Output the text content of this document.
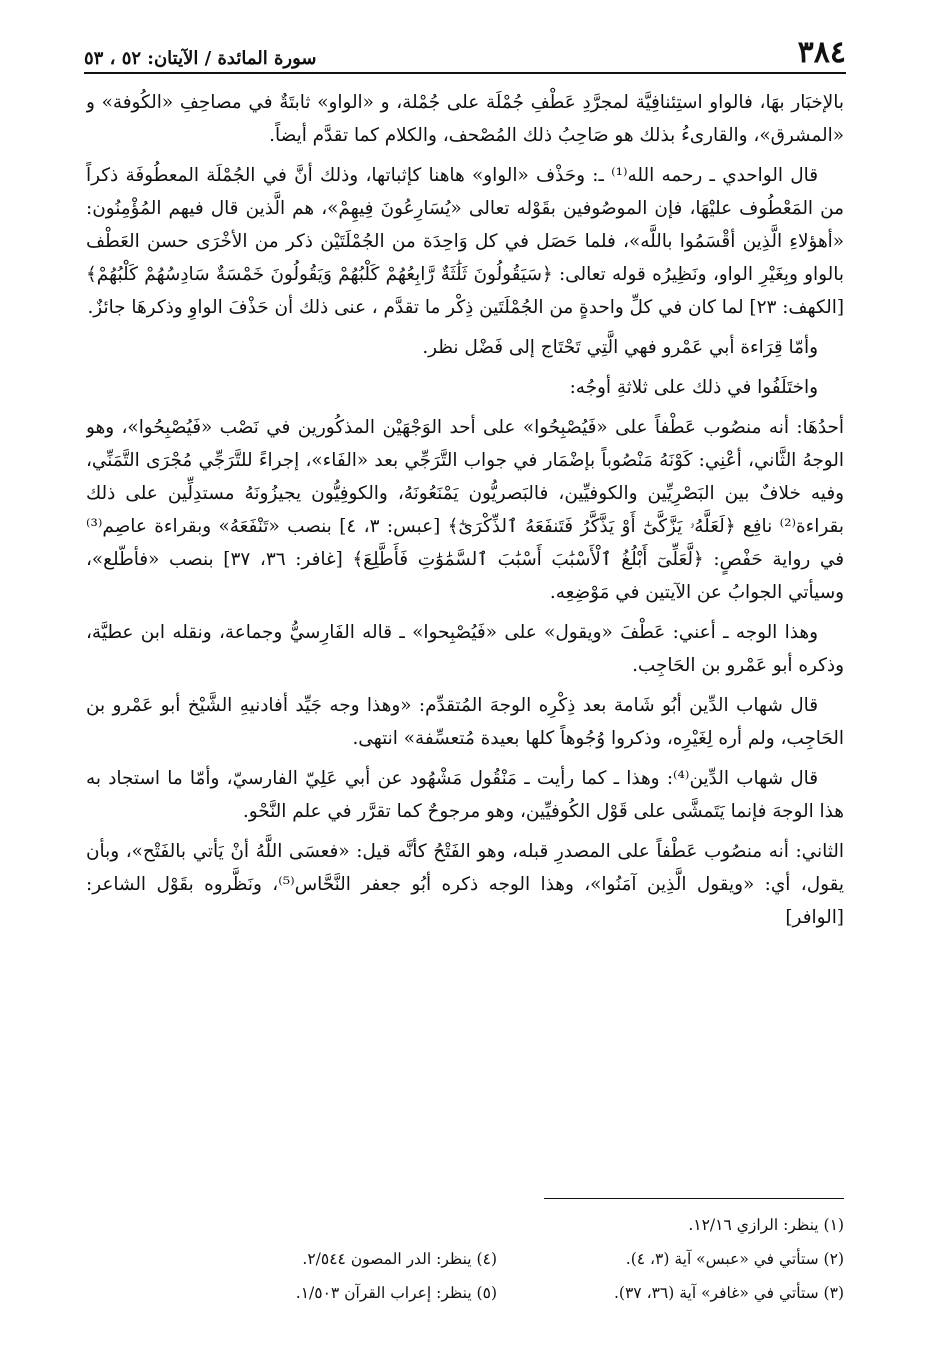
٣٨٤
سورة المائدة / الآيتان: ٥٢ ، ٥٣

بالإخبَار بهَا، فالواو استِئنافِيَّة لمجرَّدِ عَطْفِ جُمْلَة على جُمْلة، و «الواو» ثابتَةٌ في مصاحِفِ «الكُوفة» و «المشرق»، والقارىءُ بذلك هو صَاحِبُ ذلك المُصْحف، والكلام كما تقدَّم أيضاً.

قال الواحدي ـ رحمه الله⁽¹⁾ ـ: وحَذْف «الواو» هاهنا كإثباتها، وذلك أنَّ في الجُمْلَة المعطُوفَة ذكراً من المَعْطُوف عليْهَا، فإن الموصُوفين بقَوْله تعالى «يُسَارِعُونَ فِيهِمْ»، هم الَّذين قال فيهم المُؤْمِنُون: «أهؤلاءِ الَّذِين أقْسَمُوا باللَّه»، فلما حَصَل في كل وَاحِدَة من الجُمْلَتَيْن ذكر من الأخْرَى حسن العَطْف بالواو وبِغَيْرِ الواو، ونَظِيرُه قوله تعالى: ﴿سَيَقُولُونَ ثَلَٰثَةٌ رَّابِعُهُمْ كَلْبُهُمْ وَيَقُولُونَ خَمْسَةٌ سَادِسُهُمْ كَلْبُهُمْ﴾ [الكهف: ٢٣] لما كان في كلِّ واحدةٍ من الجُمْلَتَين ذِكْر ما تقدَّم ، عنى ذلك أن حَذْفَ الواوِ وذكرهَا جائزٌ.

وأمّا قِرَاءة أبي عَمْرو فهي الَّتِي تَحْتَاج إلى فَضْل نظر.

واختَلَفُوا في ذلك على ثلاثةِ أوجُه:

أحدُهَا: أنه منصُوب عَطْفاً على «فَيُصْبِحُوا» على أحد الوَجْهَيْن المذكُورين في نَصْب «فَيُصْبِحُوا»، وهو الوجهُ الثَّاني، أعْنِي: كَوْنَهُ مَنْصُوباً بإضْمَار في جواب التَّرَجِّي بعد «الفَاء»، إجراءً للتَّرَجِّي مُجْرَى التَّمَنِّي، وفيه خلافٌ بين البَصْرِيِّين والكوفيِّين، فالبَصريُّون يَمْنَعُونَهُ، والكوفِيُّون يجيزُونَهُ مستدِلِّين على ذلك بقراءة⁽²⁾ نافِع ﴿لَعَلَّهُۥ يَزَّكَّىٰٓ أَوْ يَذَّكَّرُ فَتَنفَعَهُ ٱلذِّكْرَىٰٓ﴾ [عبس: ٣، ٤] بنصب «تَنْفَعَهُ» وبقراءة عاصِم⁽³⁾ في رواية حَفْصٍ: ﴿لَّعَلِّىٓ أَبْلُغُ ٱلْأَسْبَٰبَ أَسْبَٰبَ ٱلسَّمَٰوَٰتِ فَأَطَّلِعَ﴾ [غافر: ٣٦، ٣٧] بنصب «فأطّلع»، وسيأتي الجوابُ عن الآيتين في مَوْضِعِه.

وهذا الوجه ـ أعني: عَطْفَ «ويقول» على «فَيُصْبِحوا» ـ قاله الفَارِسيُّ وجماعة، ونقله ابن عطيَّة، وذكره أبو عَمْرو بن الحَاجِب.

قال شهاب الدِّين أبُو شَامة بعد ذِكْرِه الوجهَ المُتقدِّم: «وهذا وجه جَيِّد أفادنيهِ الشَّيْخ أبو عَمْرو بن الحَاجِب، ولم أره لِغَيْرِه، وذكروا وُجُوهاً كلها بعيدة مُتعسِّفة» انتهى.

قال شهاب الدِّين⁽⁴⁾: وهذا ـ كما رأيت ـ مَنْقُول مَشْهُود عن أبي عَلِيّ الفارسيّ، وأمّا ما استجاد به هذا الوجهَ فإنما يَتَمشَّى على قَوْل الكُوفيِّين، وهو مرجوحٌ كما تقرَّر في علم النَّحْو.

الثاني: أنه منصُوب عَطْفاً على المصدرِ قبله، وهو الفَتْحُ كأنَّه قيل: «فعسَى اللَّهُ أنْ يَأتي بالفَتْح»، وبأن يقول، أي: «ويقول الَّذِين آمَنُوا»، وهذا الوجه ذكره أبُو جعفر النَّحَّاس⁽⁵⁾، ونَظَّروه بقَوْل الشاعر: [الوافر]

(١) ينظر: الرازي ١٢/١٦.
(٢) ستأتي في «عبس» آية (٣، ٤).
(٤) ينظر: الدر المصون ٢/٥٤٤.
(٣) ستأتي في «غافر» آية (٣٦، ٣٧).
(٥) ينظر: إعراب القرآن ١/٥٠٣.
